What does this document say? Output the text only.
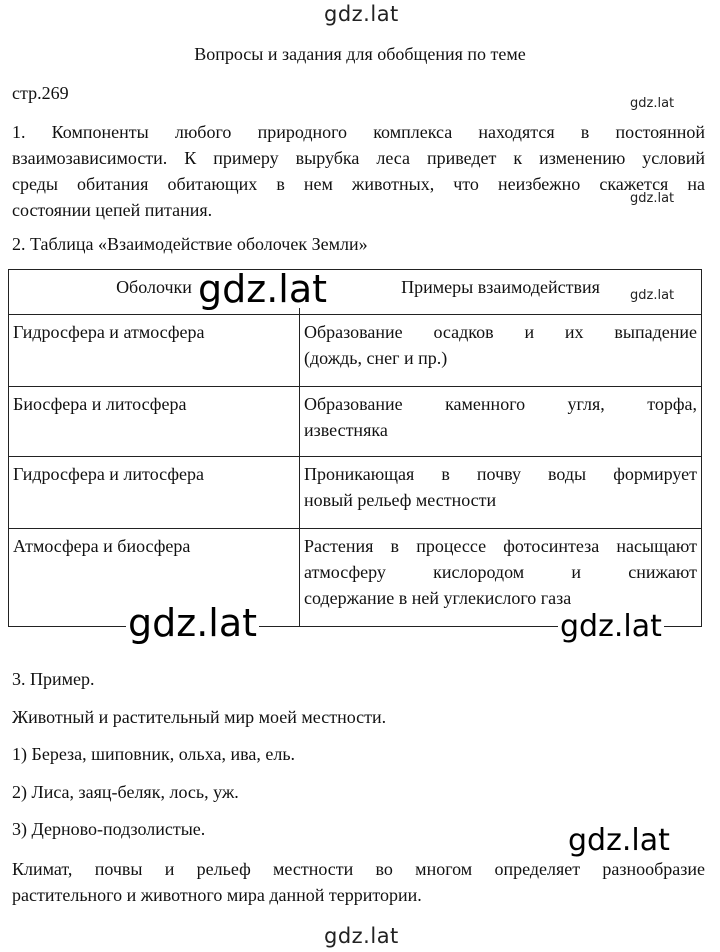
gdz.lat
Вопросы и задания для обобщения по теме
стр.269
gdz.lat
1. Компоненты любого природного комплекса находятся в постоянной
взаимозависимости. К примеру вырубка леса приведет к изменению условий
среды обитания обитающих в нем животных, что неизбежно скажется на
состоянии цепей питания.
gdz.lat
2. Таблица «Взаимодействие оболочек Земли»
Оболочки	Примеры взаимодействия
Гидросфера и атмосфера	Образование осадков и их выпадение
(дождь, снег и пр.)

Биосфера и литосфера	Образование каменного угля, торфа,
известняка

Гидросфера и литосфера	Проникающая в почву воды формирует
новый рельеф местности

Атмосфера и биосфера	Растения в процессе фотосинтеза насыщают
атмосферу кислородом и снижают
содержание в ней углекислого газа
gdz.lat	gdz.lat
gdz.lat	gdz.lat
3. Пример.
Животный и растительный мир моей местности.
1) Береза, шиповник, ольха, ива, ель.
2) Лиса, заяц-беляк, лось, уж.
3) Дерново-подзолистые.
Климат, почвы и рельеф местности во многом определяет разнообразие
растительного и животного мира данной территории.
gdz.lat
gdz.lat
